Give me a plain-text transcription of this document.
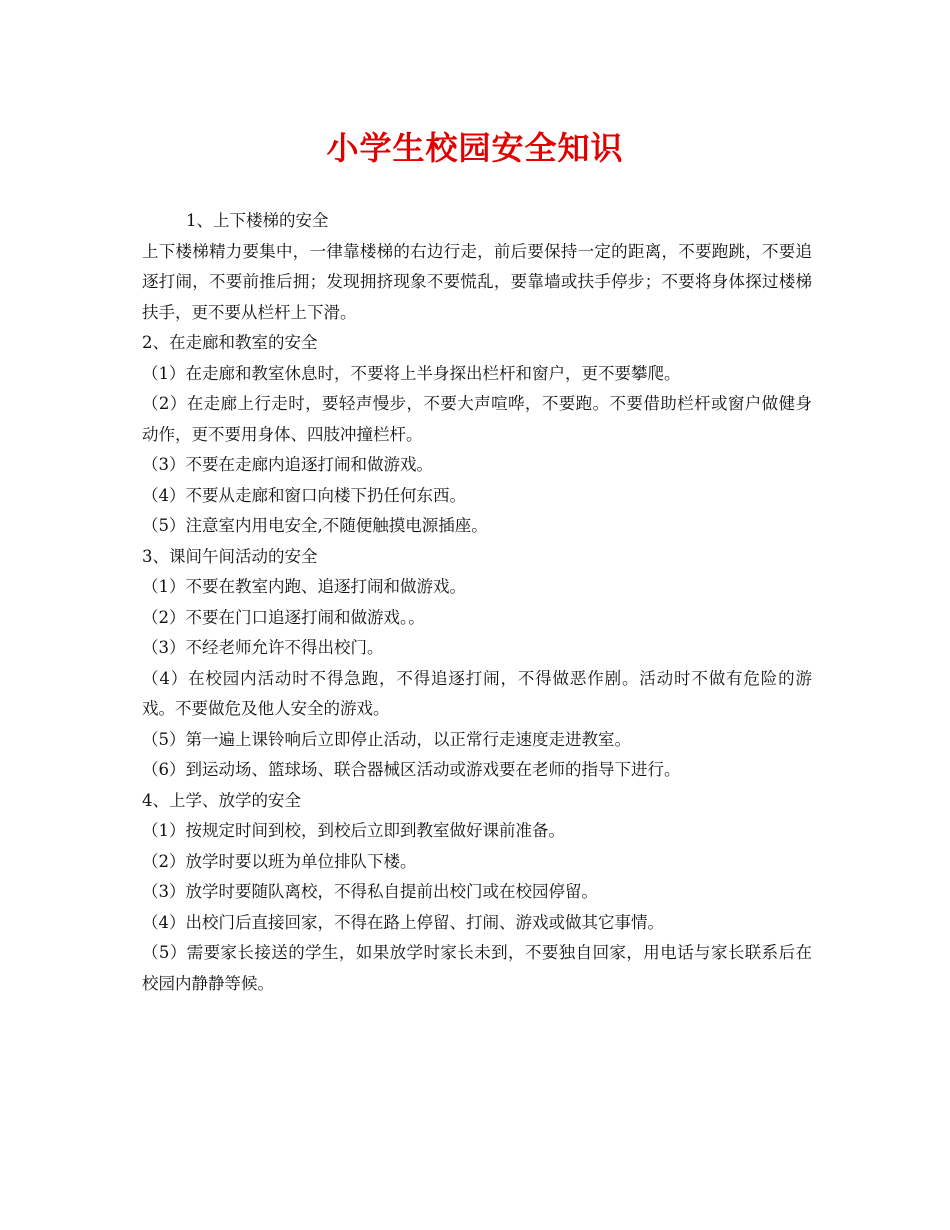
小学生校园安全知识
1、上下楼梯的安全
上下楼梯精力要集中，一律靠楼梯的右边行走，前后要保持一定的距离，不要跑跳，不要追逐打闹，不要前推后拥；发现拥挤现象不要慌乱，要靠墙或扶手停步；不要将身体探过楼梯扶手，更不要从栏杆上下滑。
2、在走廊和教室的安全
（1）在走廊和教室休息时，不要将上半身探出栏杆和窗户，更不要攀爬。
（2）在走廊上行走时，要轻声慢步，不要大声喧哗，不要跑。不要借助栏杆或窗户做健身动作，更不要用身体、四肢冲撞栏杆。
（3）不要在走廊内追逐打闹和做游戏。
（4）不要从走廊和窗口向楼下扔任何东西。
（5）注意室内用电安全,不随便触摸电源插座。
3、课间午间活动的安全
（1）不要在教室内跑、追逐打闹和做游戏。
（2）不要在门口追逐打闹和做游戏。。
（3）不经老师允许不得出校门。
（4）在校园内活动时不得急跑，不得追逐打闹，不得做恶作剧。活动时不做有危险的游戏。不要做危及他人安全的游戏。
（5）第一遍上课铃响后立即停止活动，以正常行走速度走进教室。
（6）到运动场、篮球场、联合器械区活动或游戏要在老师的指导下进行。
4、上学、放学的安全
（1）按规定时间到校，到校后立即到教室做好课前准备。
（2）放学时要以班为单位排队下楼。
（3）放学时要随队离校，不得私自提前出校门或在校园停留。
（4）出校门后直接回家，不得在路上停留、打闹、游戏或做其它事情。
（5）需要家长接送的学生，如果放学时家长未到，不要独自回家，用电话与家长联系后在校园内静静等候。
